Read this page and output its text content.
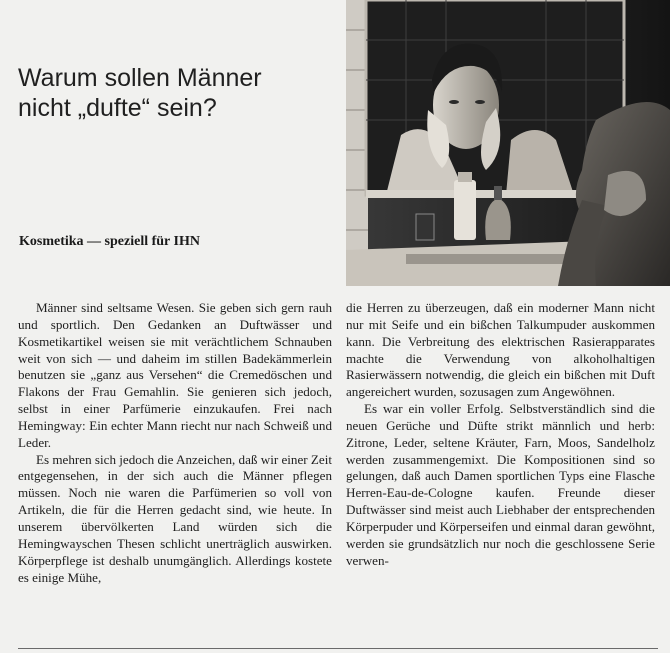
Warum sollen Männer
nicht „dufte“ sein?
Kosmetika — speziell für IHN

Männer sind seltsame Wesen. Sie geben sich gern rauh und sportlich. Den Gedanken an Duftwässer und Kosmetikartikel weisen sie mit verächtlichem Schnauben weit von sich — und daheim im stillen Badekämmerlein benutzen sie „ganz aus Versehen“ die Cremedöschen und Flakons der Frau Gemahlin. Sie genieren sich jedoch, selbst in einer Parfümerie einzukaufen. Frei nach Hemingway: Ein echter Mann riecht nur nach Schweiß und Leder.

Es mehren sich jedoch die Anzeichen, daß wir einer Zeit entgegensehen, in der sich auch die Männer pflegen müssen. Noch nie waren die Parfümerien so voll von Artikeln, die für die Herren gedacht sind, wie heute. In unserem übervölkerten Land würden sich die Hemingwayschen Thesen schlicht unerträglich auswirken. Körperpflege ist deshalb unumgänglich. Allerdings kostete es einige Mühe,

die Herren zu überzeugen, daß ein moderner Mann nicht nur mit Seife und ein bißchen Talkumpuder auskommen kann. Die Verbreitung des elektrischen Rasierapparates machte die Verwendung von alkoholhaltigen Rasierwässern notwendig, die gleich ein bißchen mit Duft angereichert wurden, sozusagen zum Angewöhnen.

Es war ein voller Erfolg. Selbstverständlich sind die neuen Gerüche und Düfte strikt männlich und herb: Zitrone, Leder, seltene Kräuter, Farn, Moos, Sandelholz werden zusammengemixt. Die Kompositionen sind so gelungen, daß auch Damen sportlichen Typs eine Flasche Herren-Eau-de-Cologne kaufen. Freunde dieser Duftwässer sind meist auch Liebhaber der entsprechenden Körperpuder und Körperseifen und einmal daran gewöhnt, werden sie grundsätzlich nur noch die geschlossene Serie verwen-
